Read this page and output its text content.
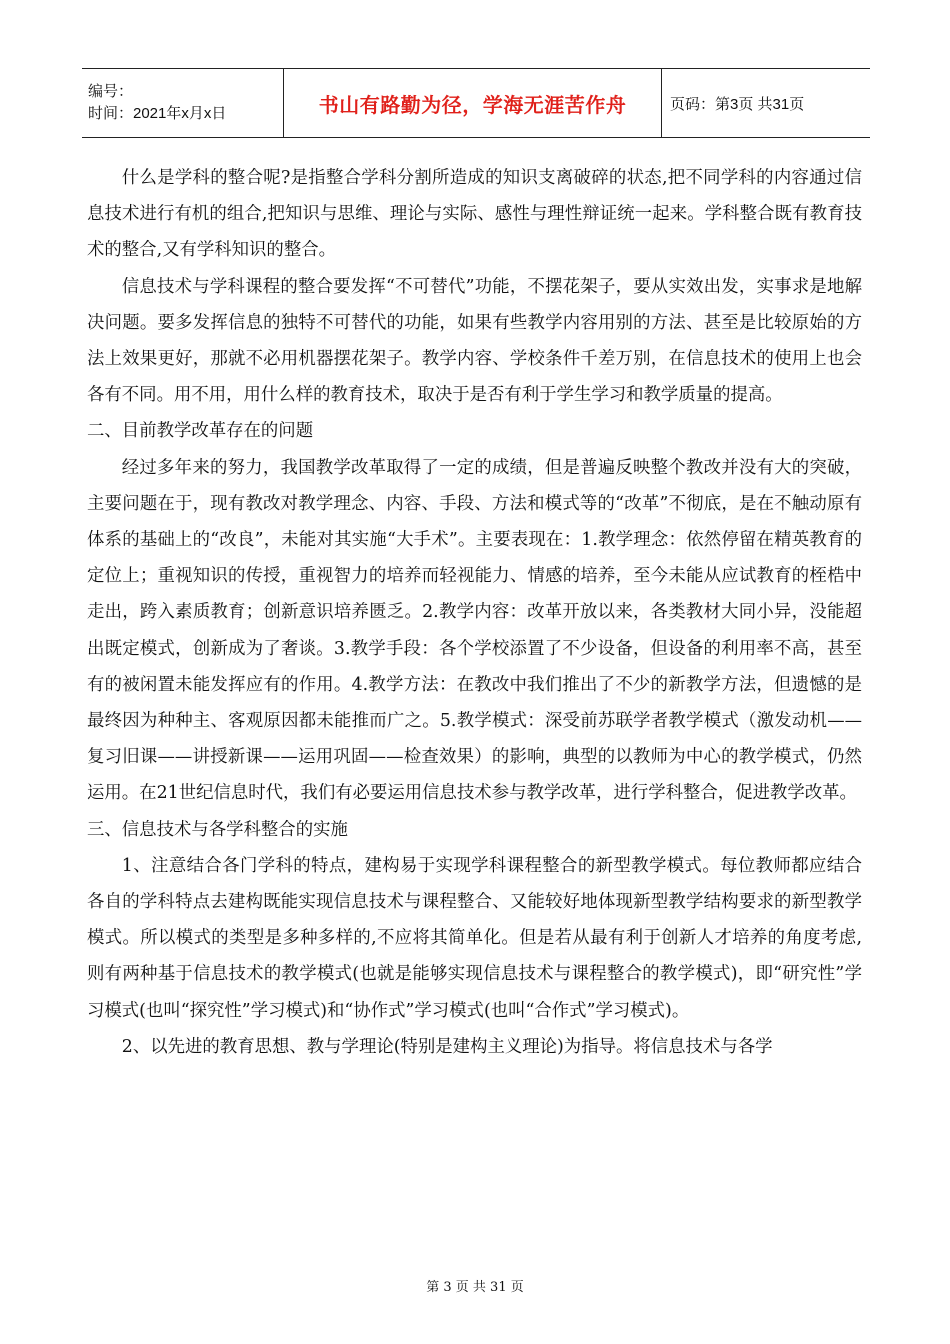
编号：
时间：2021年x月x日	书山有路勤为径，学海无涯苦作舟	页码：第3页 共31页

什么是学科的整合呢?是指整合学科分割所造成的知识支离破碎的状态,把不同学科的内容通过信息技术进行有机的组合,把知识与思维、理论与实际、感性与理性辩证统一起来。学科整合既有教育技术的整合,又有学科知识的整合。

信息技术与学科课程的整合要发挥“不可替代”功能，不摆花架子，要从实效出发，实事求是地解决问题。要多发挥信息的独特不可替代的功能，如果有些教学内容用别的方法、甚至是比较原始的方法上效果更好，那就不必用机器摆花架子。教学内容、学校条件千差万别，在信息技术的使用上也会各有不同。用不用，用什么样的教育技术，取决于是否有利于学生学习和教学质量的提高。

二、目前教学改革存在的问题

经过多年来的努力，我国教学改革取得了一定的成绩，但是普遍反映整个教改并没有大的突破，主要问题在于，现有教改对教学理念、内容、手段、方法和模式等的“改革”不彻底，是在不触动原有体系的基础上的“改良”，未能对其实施“大手术”。主要表现在：1.教学理念：依然停留在精英教育的定位上；重视知识的传授，重视智力的培养而轻视能力、情感的培养，至今未能从应试教育的桎梏中走出，跨入素质教育；创新意识培养匮乏。2.教学内容：改革开放以来，各类教材大同小异，没能超出既定模式，创新成为了奢谈。3.教学手段：各个学校添置了不少设备，但设备的利用率不高，甚至有的被闲置未能发挥应有的作用。4.教学方法：在教改中我们推出了不少的新教学方法，但遗憾的是最终因为种种主、客观原因都未能推而广之。5.教学模式：深受前苏联学者教学模式（激发动机——复习旧课——讲授新课——运用巩固——检查效果）的影响，典型的以教师为中心的教学模式，仍然运用。在21世纪信息时代，我们有必要运用信息技术参与教学改革，进行学科整合，促进教学改革。

三、信息技术与各学科整合的实施

1、注意结合各门学科的特点，建构易于实现学科课程整合的新型教学模式。每位教师都应结合各自的学科特点去建构既能实现信息技术与课程整合、又能较好地体现新型教学结构要求的新型教学模式。所以模式的类型是多种多样的,不应将其简单化。但是若从最有利于创新人才培养的角度考虑,则有两种基于信息技术的教学模式(也就是能够实现信息技术与课程整合的教学模式)，即“研究性”学习模式(也叫“探究性”学习模式)和“协作式”学习模式(也叫“合作式”学习模式)。

2、以先进的教育思想、教与学理论(特别是建构主义理论)为指导。将信息技术与各学

第 3 页 共 31 页
